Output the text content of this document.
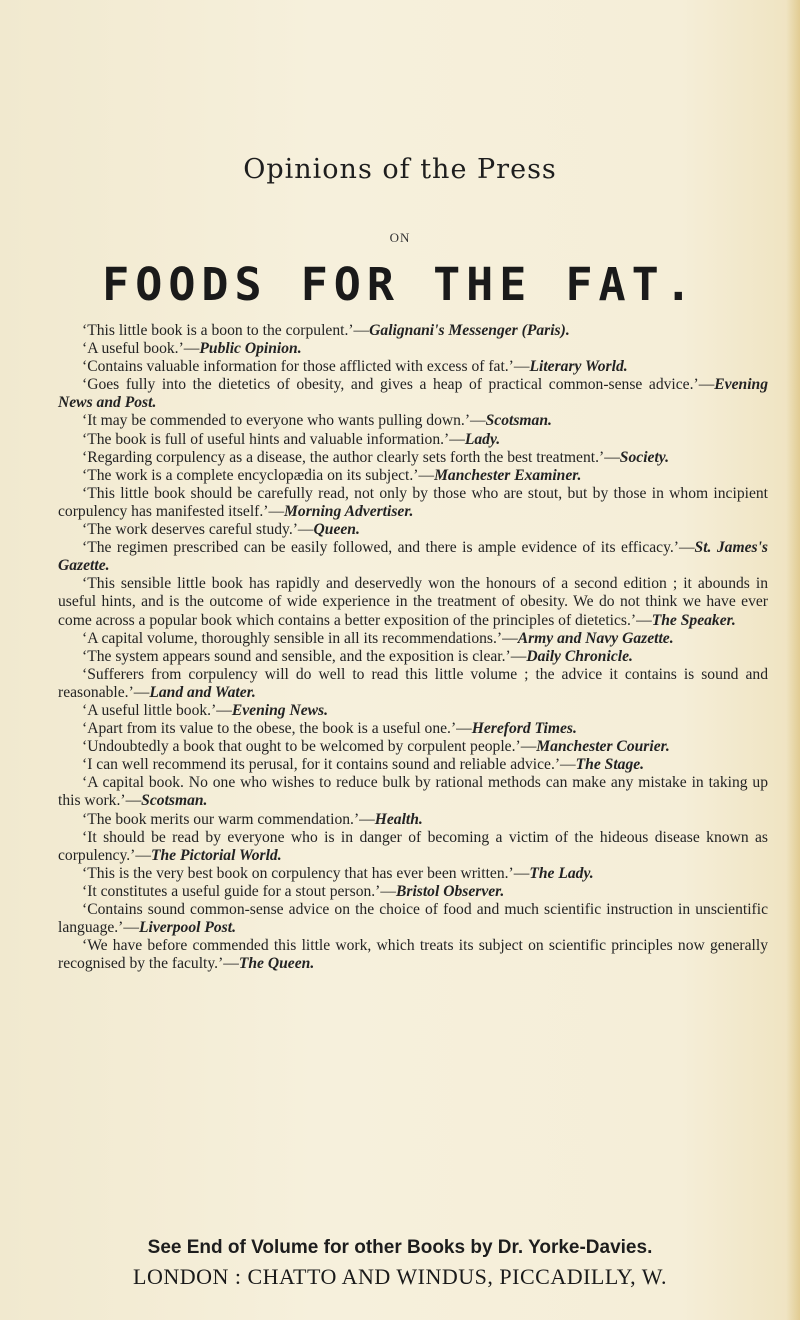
Opinions of the Press
ON
FOODS FOR THE FAT.

‘This little book is a boon to the corpulent.’—Galignani's Messenger (Paris).

‘A useful book.’—Public Opinion.

‘Contains valuable information for those afflicted with excess of fat.’—Literary World.

‘Goes fully into the dietetics of obesity, and gives a heap of practical common-sense advice.’—Evening News and Post.

‘It may be commended to everyone who wants pulling down.’—Scotsman.

‘The book is full of useful hints and valuable information.’—Lady.

‘Regarding corpulency as a disease, the author clearly sets forth the best treatment.’—Society.

‘The work is a complete encyclopædia on its subject.’—Manchester Examiner.

‘This little book should be carefully read, not only by those who are stout, but by those in whom incipient corpulency has manifested itself.’—Morning Advertiser.

‘The work deserves careful study.’—Queen.

‘The regimen prescribed can be easily followed, and there is ample evidence of its efficacy.’—St. James's Gazette.

‘This sensible little book has rapidly and deservedly won the honours of a second edition ; it abounds in useful hints, and is the outcome of wide experience in the treatment of obesity. We do not think we have ever come across a popular book which contains a better exposition of the principles of dietetics.’—The Speaker.

‘A capital volume, thoroughly sensible in all its recommendations.’—Army and Navy Gazette.

‘The system appears sound and sensible, and the exposition is clear.’—Daily Chronicle.

‘Sufferers from corpulency will do well to read this little volume ; the advice it contains is sound and reasonable.’—Land and Water.

‘A useful little book.’—Evening News.

‘Apart from its value to the obese, the book is a useful one.’—Hereford Times.

‘Undoubtedly a book that ought to be welcomed by corpulent people.’—Manchester Courier.

‘I can well recommend its perusal, for it contains sound and reliable advice.’—The Stage.

‘A capital book. No one who wishes to reduce bulk by rational methods can make any mistake in taking up this work.’—Scotsman.

‘The book merits our warm commendation.’—Health.

‘It should be read by everyone who is in danger of becoming a victim of the hideous disease known as corpulency.’—The Pictorial World.

‘This is the very best book on corpulency that has ever been written.’—The Lady.

‘It constitutes a useful guide for a stout person.’—Bristol Observer.

‘Contains sound common-sense advice on the choice of food and much scientific instruction in unscientific language.’—Liverpool Post.

‘We have before commended this little work, which treats its subject on scientific principles now generally recognised by the faculty.’—The Queen.

See End of Volume for other Books by Dr. Yorke-Davies.
LONDON : CHATTO AND WINDUS, PICCADILLY, W.
